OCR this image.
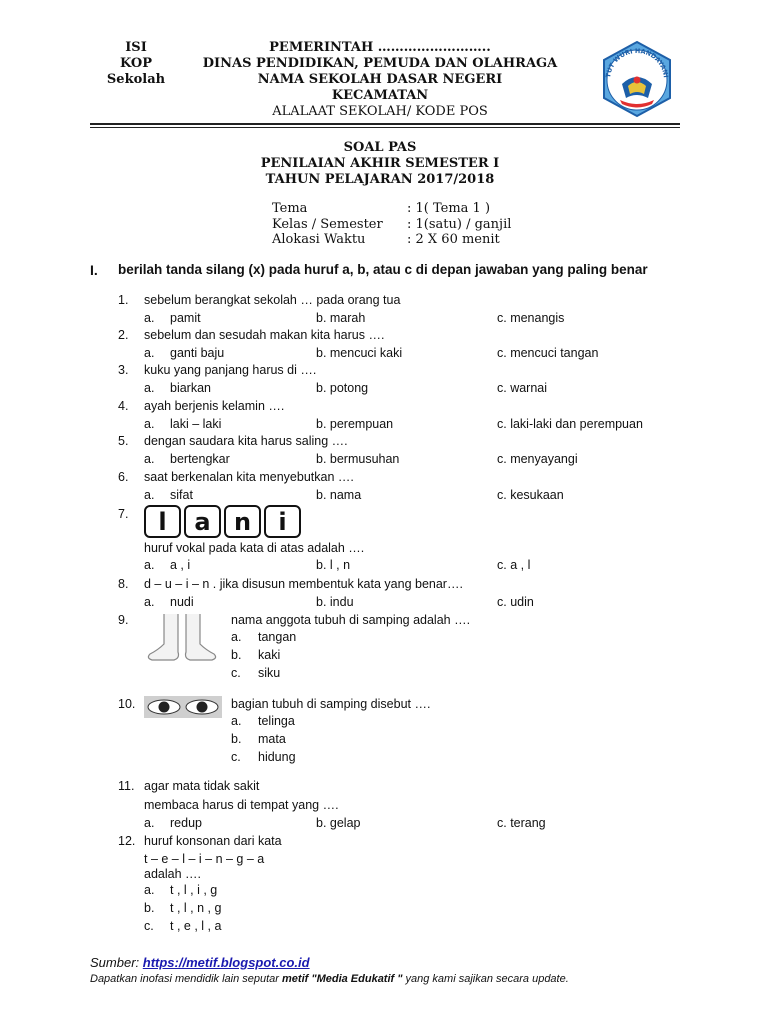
ISI
KOP
Sekolah
PEMERINTAH ……………………..
DINAS PENDIDIKAN, PEMUDA DAN OLAHRAGA
NAMA SEKOLAH DASAR NEGERI
KECAMATAN
ALALAAT SEKOLAH/ KODE POS
TUT WURI HANDAYANI
SOAL PAS
PENILAIAN AKHIR SEMESTER I
TAHUN PELAJARAN 2017/2018
Tema	: 1( Tema 1 )
Kelas / Semester	: 1(satu) / ganjil
Alokasi Waktu	: 2 X 60 menit
I. berilah tanda silang (x) pada huruf a, b, atau c di depan jawaban yang paling benar
1. sebelum berangkat sekolah … pada orang tua
a. pamit	b. marah	c. menangis
2. sebelum dan sesudah makan kita harus ….
a. ganti baju	b. mencuci kaki	c. mencuci tangan
3. kuku yang panjang harus di ….
a. biarkan	b. potong	c. warnai
4. ayah berjenis kelamin ….
a. laki – laki	b. perempuan	c. laki-laki dan perempuan
5. dengan saudara kita harus saling ….
a. bertengkar	b. bermusuhan	c. menyayangi
6. saat berkenalan kita menyebutkan ….
a. sifat	b. nama	c. kesukaan
7.	l	a n	i
huruf vokal pada kata di atas adalah ….
a. a , i	b. l , n	c. a , l
8. d – u – i – n . jika disusun membentuk kata yang benar….
a. nudi	b. indu	c. udin
9.	nama anggota tubuh di samping adalah ….
a. tangan
b. kaki
c. siku
10.	bagian tubuh di samping disebut ….
a. telinga
b. mata
c. hidung
11. agar mata tidak sakit
membaca harus di tempat yang ….
a. redup	b. gelap	c. terang
12. huruf konsonan dari kata
t – e – l – i – n – g – a
adalah ….
a. t , l , i , g
b. t , l , n , g
c. t , e , l , a
Sumber: https://metif.blogspot.co.id
Dapatkan inofasi mendidik lain seputar metif "Media Edukatif " yang kami sajikan secara update.
